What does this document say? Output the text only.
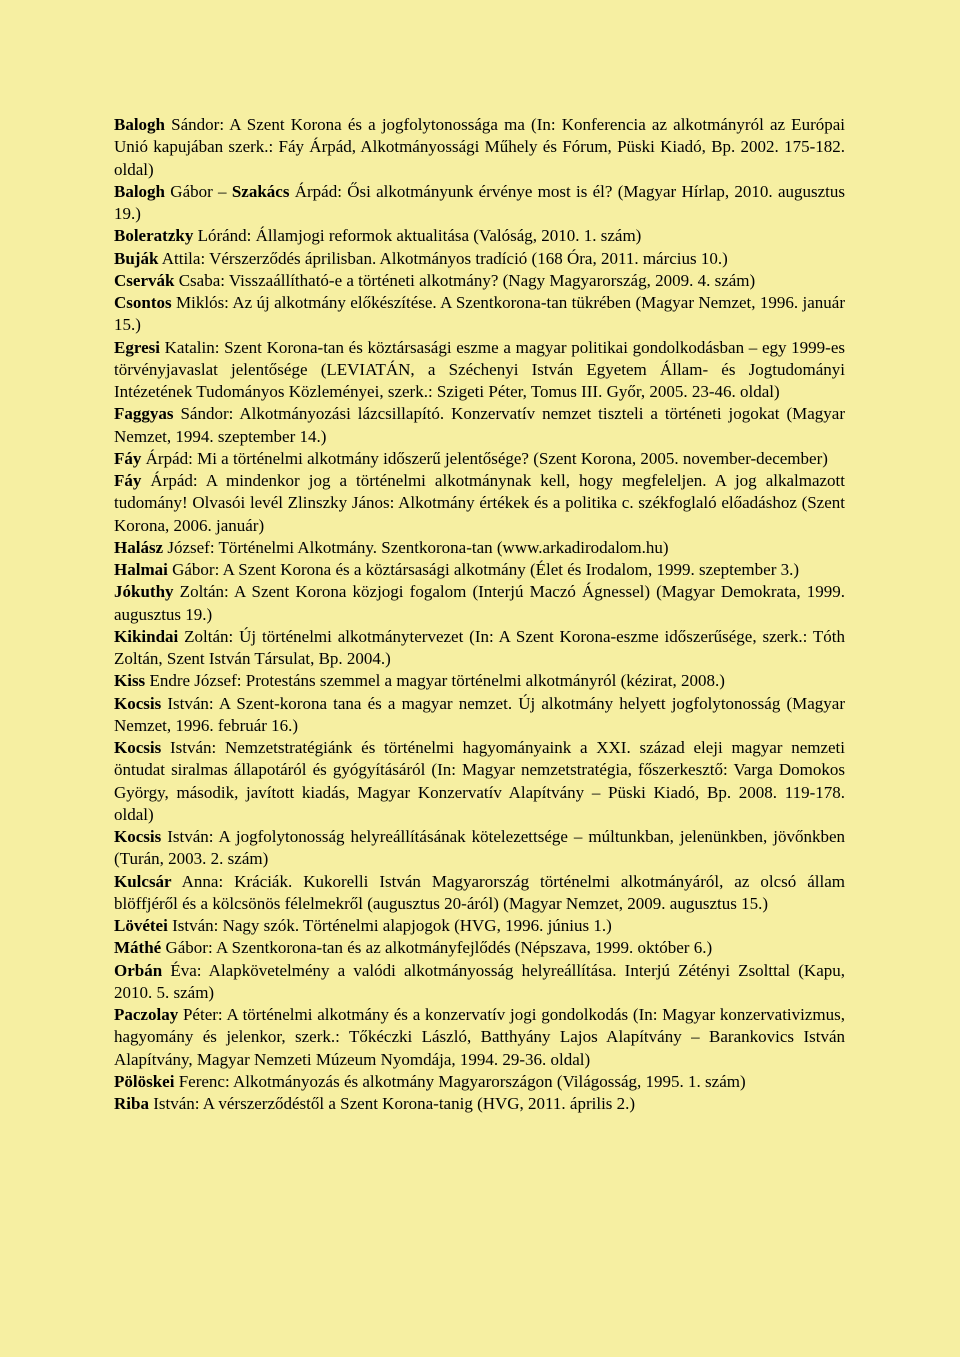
Balogh Sándor: A Szent Korona és a jogfolytonossága ma (In: Konferencia az alkotmányról az Európai Unió kapujában szerk.: Fáy Árpád, Alkotmányossági Műhely és Fórum, Püski Kiadó, Bp. 2002. 175-182. oldal)

Balogh Gábor – Szakács Árpád: Ősi alkotmányunk érvénye most is él? (Magyar Hírlap, 2010. augusztus 19.)

Boleratzky Lóránd: Államjogi reformok aktualitása (Valóság, 2010. 1. szám)

Buják Attila: Vérszerződés áprilisban. Alkotmányos tradíció (168 Óra, 2011. március 10.)

Cservák Csaba: Visszaállítható-e a történeti alkotmány? (Nagy Magyarország, 2009. 4. szám)

Csontos Miklós: Az új alkotmány előkészítése. A Szentkorona-tan tükrében (Magyar Nemzet, 1996. január 15.)

Egresi Katalin: Szent Korona-tan és köztársasági eszme a magyar politikai gondolkodásban – egy 1999-es törvényjavaslat jelentősége (LEVIATÁN, a Széchenyi István Egyetem Állam- és Jogtudományi Intézetének Tudományos Közleményei, szerk.: Szigeti Péter, Tomus III. Győr, 2005. 23-46. oldal)

Faggyas Sándor: Alkotmányozási lázcsillapító. Konzervatív nemzet tiszteli a történeti jogokat (Magyar Nemzet, 1994. szeptember 14.)

Fáy Árpád: Mi a történelmi alkotmány időszerű jelentősége? (Szent Korona, 2005. november-december)

Fáy Árpád: A mindenkor jog a történelmi alkotmánynak kell, hogy megfeleljen. A jog alkalmazott tudomány! Olvasói levél Zlinszky János: Alkotmány értékek és a politika c. székfoglaló előadáshoz (Szent Korona, 2006. január)

Halász József: Történelmi Alkotmány. Szentkorona-tan (www.arkadirodalom.hu)

Halmai Gábor: A Szent Korona és a köztársasági alkotmány (Élet és Irodalom, 1999. szeptember 3.)

Jókuthy Zoltán: A Szent Korona közjogi fogalom (Interjú Maczó Ágnessel) (Magyar Demokrata, 1999. augusztus 19.)

Kikindai Zoltán: Új történelmi alkotmánytervezet (In: A Szent Korona-eszme időszerűsége, szerk.: Tóth Zoltán, Szent István Társulat, Bp. 2004.)

Kiss Endre József: Protestáns szemmel a magyar történelmi alkotmányról (kézirat, 2008.)

Kocsis István: A Szent-korona tana és a magyar nemzet. Új alkotmány helyett jogfolytonosság (Magyar Nemzet, 1996. február 16.)

Kocsis István: Nemzetstratégiánk és történelmi hagyományaink a XXI. század eleji magyar nemzeti öntudat siralmas állapotáról és gyógyításáról (In: Magyar nemzetstratégia, főszerkesztő: Varga Domokos György, második, javított kiadás, Magyar Konzervatív Alapítvány – Püski Kiadó, Bp. 2008. 119-178. oldal)

Kocsis István: A jogfolytonosság helyreállításának kötelezettsége – múltunkban, jelenünkben, jövőnkben (Turán, 2003. 2. szám)

Kulcsár Anna: Kráciák. Kukorelli István Magyarország történelmi alkotmányáról, az olcsó állam blöffjéről és a kölcsönös félelmekről (augusztus 20-áról) (Magyar Nemzet, 2009. augusztus 15.)

Lövétei István: Nagy szók. Történelmi alapjogok (HVG, 1996. június 1.)

Máthé Gábor: A Szentkorona-tan és az alkotmányfejlődés (Népszava, 1999. október 6.)

Orbán Éva: Alapkövetelmény a valódi alkotmányosság helyreállítása. Interjú Zétényi Zsolttal (Kapu, 2010. 5. szám)

Paczolay Péter: A történelmi alkotmány és a konzervatív jogi gondolkodás (In: Magyar konzervativizmus, hagyomány és jelenkor, szerk.: Tőkéczki László, Batthyány Lajos Alapítvány – Barankovics István Alapítvány, Magyar Nemzeti Múzeum Nyomdája, 1994. 29-36. oldal)

Pölöskei Ferenc: Alkotmányozás és alkotmány Magyarországon (Világosság, 1995. 1. szám)

Riba István: A vérszerződéstől a Szent Korona-tanig (HVG, 2011. április 2.)
